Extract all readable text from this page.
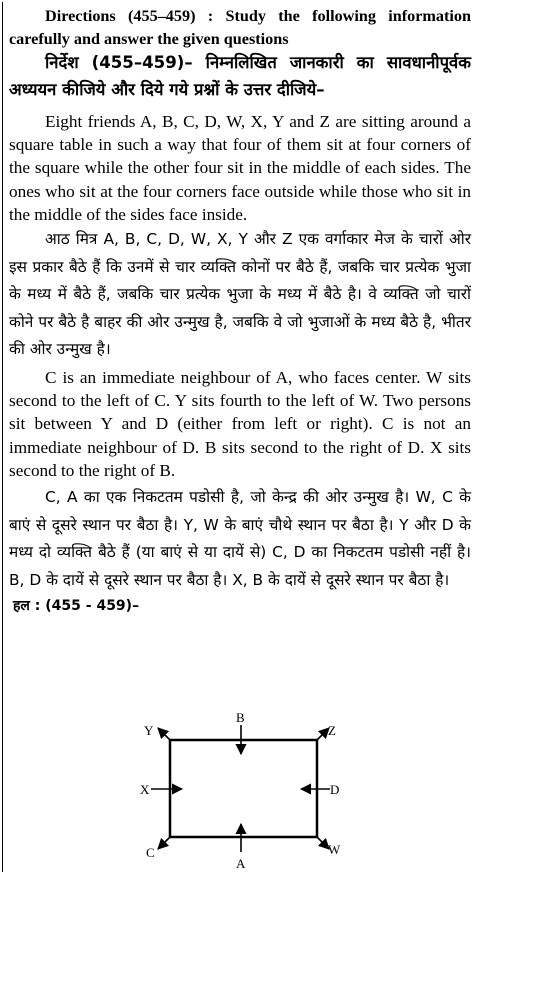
Directions (455–459) : Study the following information carefully and answer the given questions

निर्देश (455–459)– निम्नलिखित जानकारी का सावधानीपूर्वक अध्ययन कीजिये और दिये गये प्रश्नों के उत्तर दीजिये–

Eight friends A, B, C, D, W, X, Y and Z are sitting around a square table in such a way that four of them sit at four corners of the square while the other four sit in the middle of each sides. The ones who sit at the four corners face outside while those who sit in the middle of the sides face inside.

आठ मित्र A, B, C, D, W, X, Y और Z एक वर्गाकार मेज के चारों ओर इस प्रकार बैठे हैं कि उनमें से चार व्यक्ति कोनों पर बैठे हैं, जबकि चार प्रत्येक भुजा के मध्य में बैठे हैं, जबकि चार प्रत्येक भुजा के मध्य में बैठे है। वे व्यक्ति जो चारों कोने पर बैठे है बाहर की ओर उन्मुख है, जबकि वे जो भुजाओं के मध्य बैठे है, भीतर की ओर उन्मुख है।

C is an immediate neighbour of A, who faces center. W sits second to the left of C. Y sits fourth to the left of W. Two persons sit between Y and D (either from left or right). C is not an immediate neighbour of D. B sits second to the right of D. X sits second to the right of B.

C, A का एक निकटतम पडोसी है, जो केन्द्र की ओर उन्मुख है। W, C के बाएं से दूसरे स्थान पर बैठा है। Y, W के बाएं चौथे स्थान पर बैठा है। Y और D के मध्य दो व्यक्ति बैठे हैं (या बाएं से या दायें से) C, D का निकटतम पडोसी नहीं है। B, D के दायें से दूसरे स्थान पर बैठा है। X, B के दायें से दूसरे स्थान पर बैठा है।

हल : (455 - 459)–

Y
B
Z
X	D
C
A
W
